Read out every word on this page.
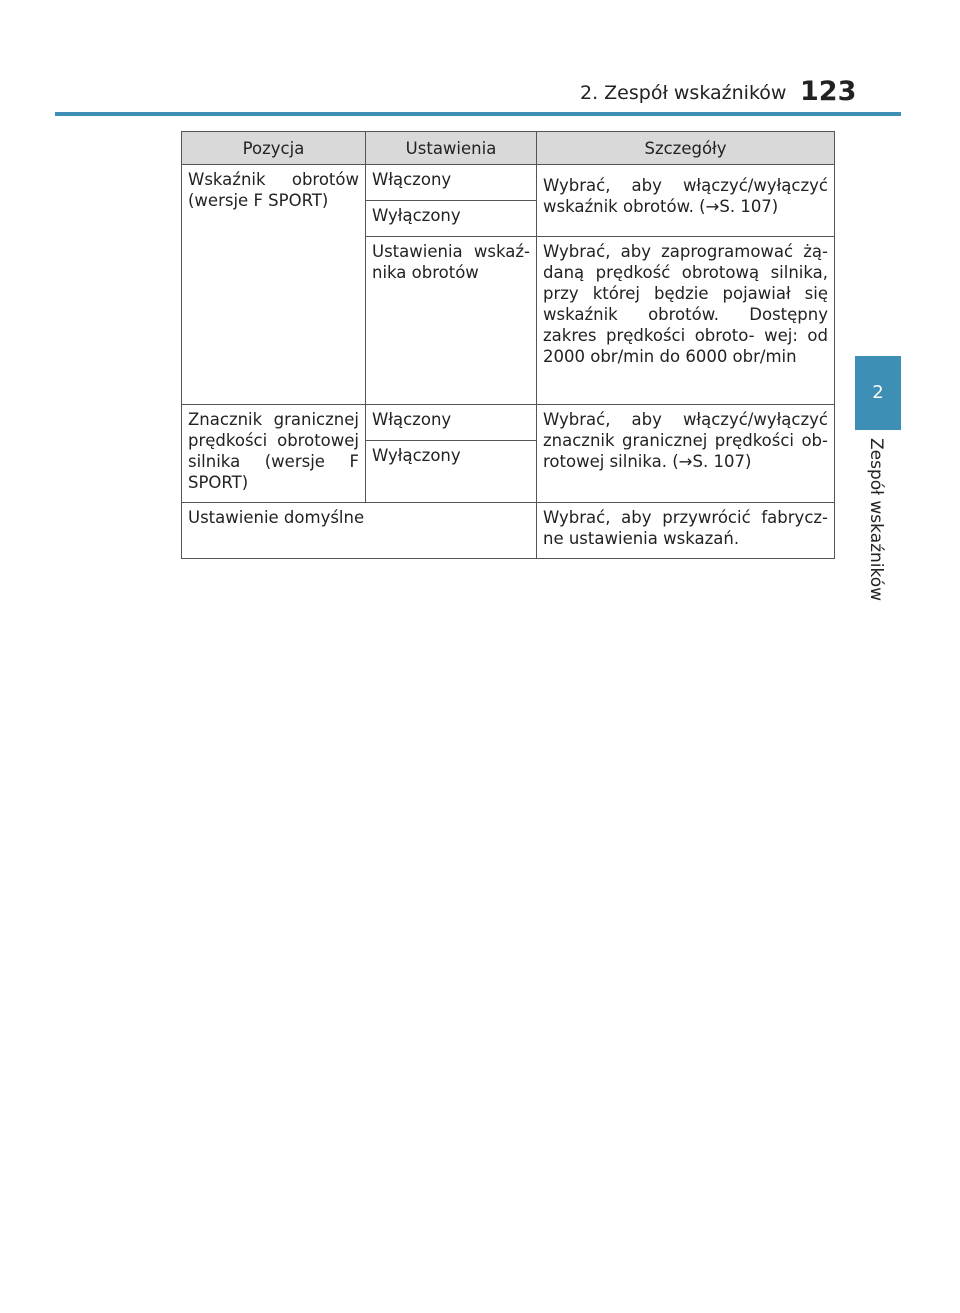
2. Zespół wskaźników 123
2
Zespół wskaźników
Pozycja	Ustawienia	Szczegóły
Wskaźnik obrotów (wersje F SPORT)	Włączony	Wybrać, aby włączyć/wyłączyć wskaźnik obrotów. (→S. 107)
	Wyłączony	
	Ustawienia wskaź- nika obrotów	Wybrać, aby zaprogramować żą- daną prędkość obrotową silnika, przy której będzie pojawiał się wskaźnik obrotów. Dostępny zakres prędkości obroto- wej: od 2000 obr/min do 6000 obr/min
Znacznik granicznej prędkości obrotowej silnika (wersje F SPORT)	Włączony	Wybrać, aby włączyć/wyłączyć znacznik granicznej prędkości ob- rotowej silnika. (→S. 107)
	Wyłączony	
Ustawienie domyślne		Wybrać, aby przywrócić fabrycz- ne ustawienia wskazań.
